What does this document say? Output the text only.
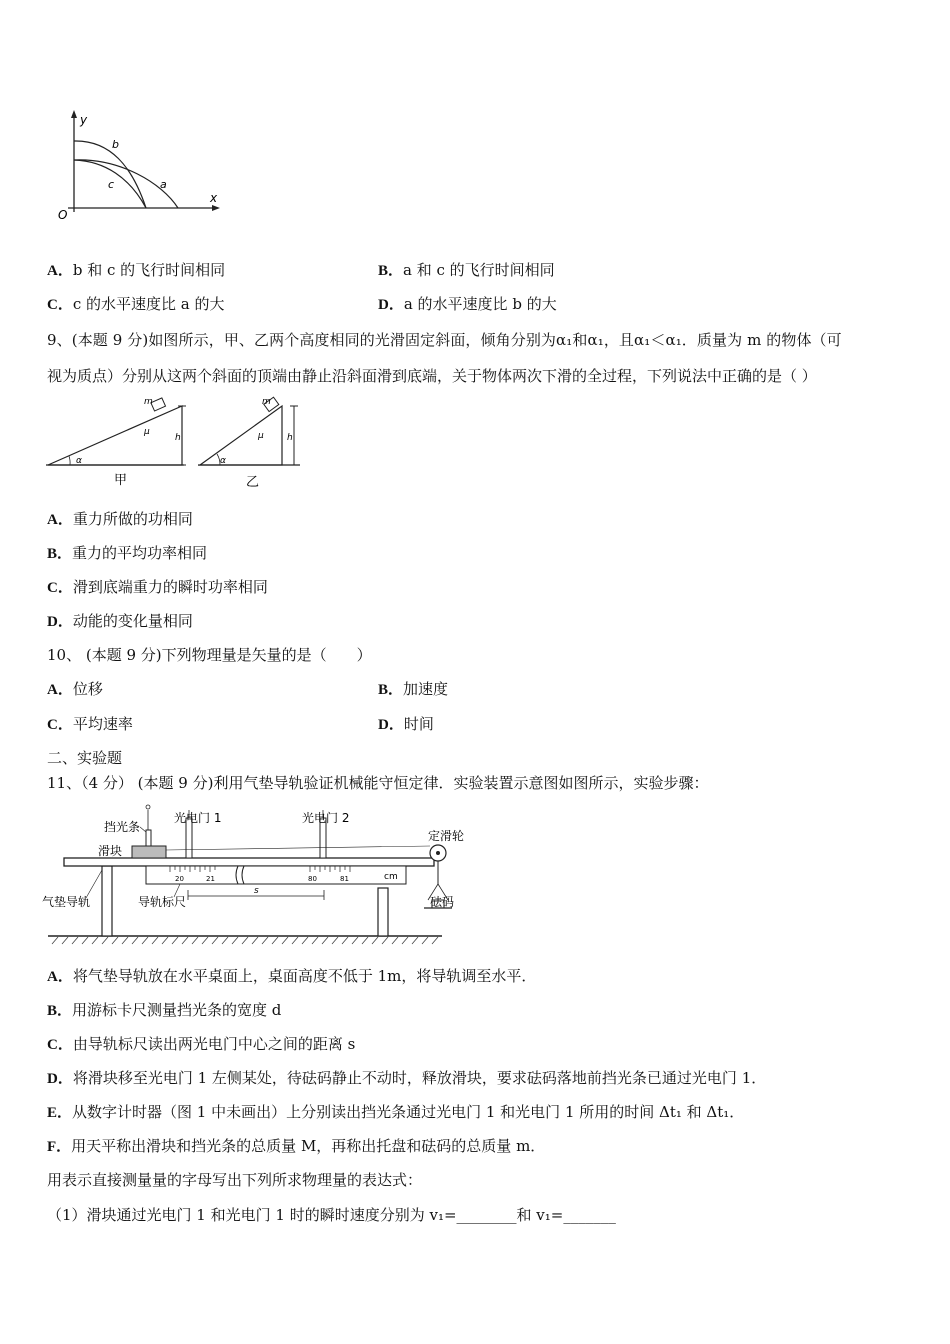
y
x
O
b
c	a
A．b 和 c 的飞行时间相同	B．a 和 c 的飞行时间相同
C．c 的水平速度比 a 的大	D．a 的水平速度比 b 的大
9、(本题 9 分)如图所示，甲、乙两个高度相同的光滑固定斜面，倾角分别为α₁和α₁，且α₁＜α₁．质量为 m 的物体（可
视为质点）分别从这两个斜面的顶端由静止沿斜面滑到底端，关于物体两次下滑的全过程，下列说法中正确的是（ ）
m
μ
h
α
m
μ	h
α
甲	乙
A．重力所做的功相同
B．重力的平均功率相同
C．滑到底端重力的瞬时功率相同
D．动能的变化量相同
10、 (本题 9 分)下列物理量是矢量的是（　　）
A．位移	B．加速度
C．平均速率	D．时间
二、实验题
11、（4 分） (本题 9 分)利用气垫导轨验证机械能守恒定律．实验装置示意图如图所示，实验步骤：
20	21	80	81	cm
s
挡光条
滑块
光电门 1	光电门 2
定滑轮
气垫导轨	导轨标尺	砝码
A．将气垫导轨放在水平桌面上，桌面高度不低于 1m，将导轨调至水平．
B．用游标卡尺测量挡光条的宽度 d
C．由导轨标尺读出两光电门中心之间的距离 s
D．将滑块移至光电门 1 左侧某处，待砝码静止不动时，释放滑块，要求砝码落地前挡光条已通过光电门 1．
E．从数字计时器（图 1 中未画出）上分别读出挡光条通过光电门 1 和光电门 1 所用的时间 Δt₁ 和 Δt₁．
F．用天平称出滑块和挡光条的总质量 M，再称出托盘和砝码的总质量 m．
用表示直接测量量的字母写出下列所求物理量的表达式：
（1）滑块通过光电门 1 和光电门 1 时的瞬时速度分别为 v₁=________和 v₁=_______
